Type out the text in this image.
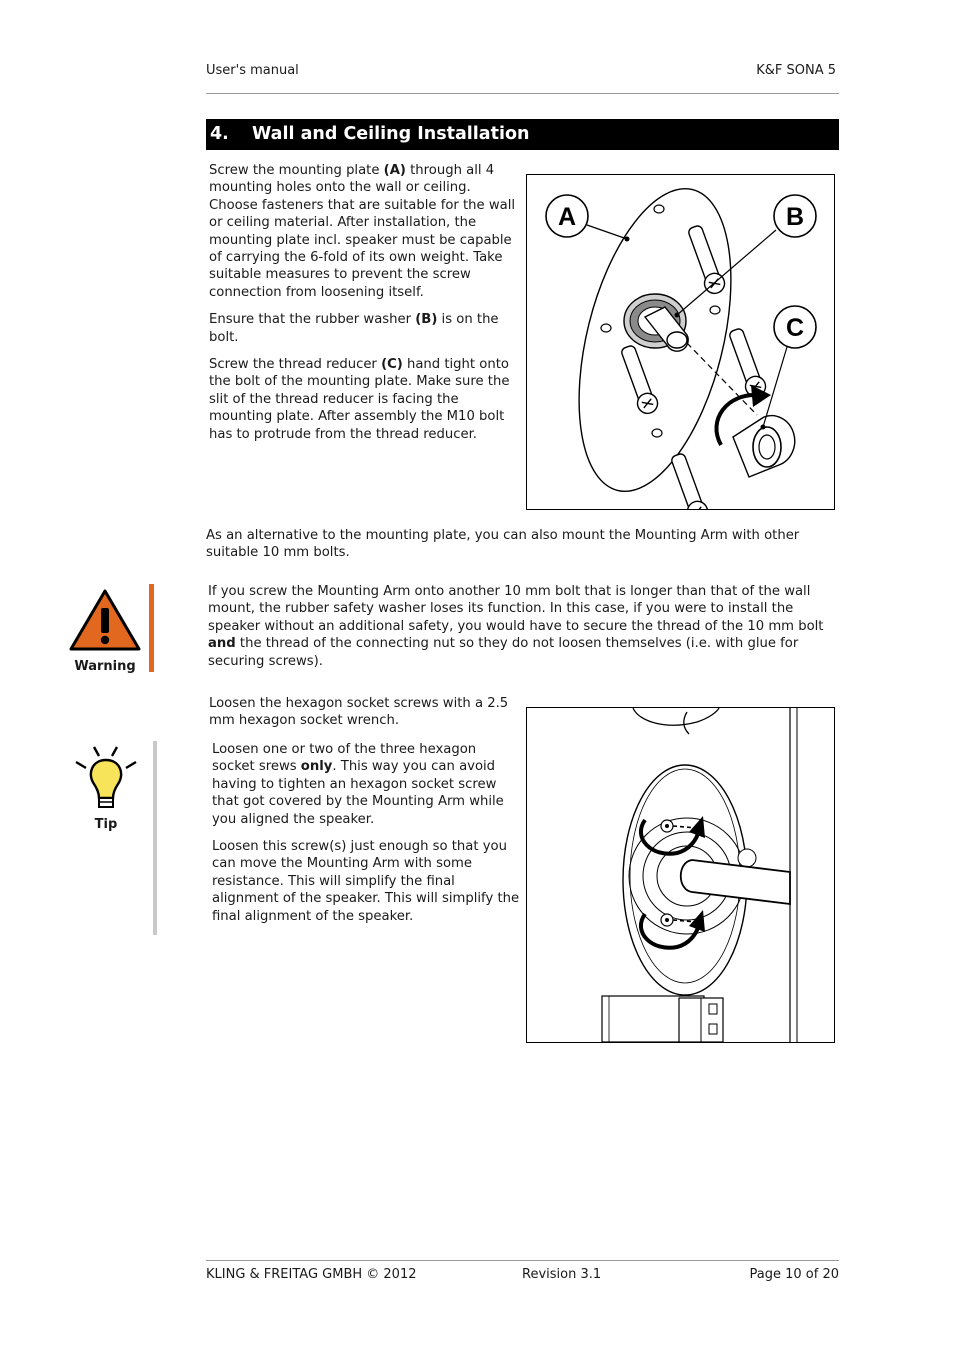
User's manual	K&F SONA 5
4. Wall and Ceiling Installation

Screw the mounting plate (A) through all 4 mounting holes onto the wall or ceiling. Choose fasteners that are suitable for the wall or ceiling material. After installation, the mounting plate incl. speaker must be capable of carrying the 6-fold of its own weight. Take suitable measures to prevent the screw connection from loosening itself.

Ensure that the rubber washer (B) is on the bolt.

Screw the thread reducer (C) hand tight onto the bolt of the mounting plate. Make sure the slit of the thread reducer is facing the mounting plate. After assembly the M10 bolt has to protrude from the thread reducer.

A	B
C

As an alternative to the mounting plate, you can also mount the Mounting Arm with other suitable 10 mm bolts.

Warning

If you screw the Mounting Arm onto another 10 mm bolt that is longer than that of the wall mount, the rubber safety washer loses its function. In this case, if you were to install the speaker without an additional safety, you would have to secure the thread of the 10 mm bolt and the thread of the connecting nut so they do not loosen themselves (i.e. with glue for securing screws).

Loosen the hexagon socket screws with a 2.5 mm hexagon socket wrench.

Tip

Loosen one or two of the three hexagon socket srews only. This way you can avoid having to tighten an hexagon socket screw that got covered by the Mounting Arm while you aligned the speaker.

Loosen this screw(s) just enough so that you can move the Mounting Arm with some resistance. This will simplify the final alignment of the speaker. This will simplify the final alignment of the speaker.

KLING & FREITAG GMBH © 2012	Revision 3.1	Page 10 of 20
